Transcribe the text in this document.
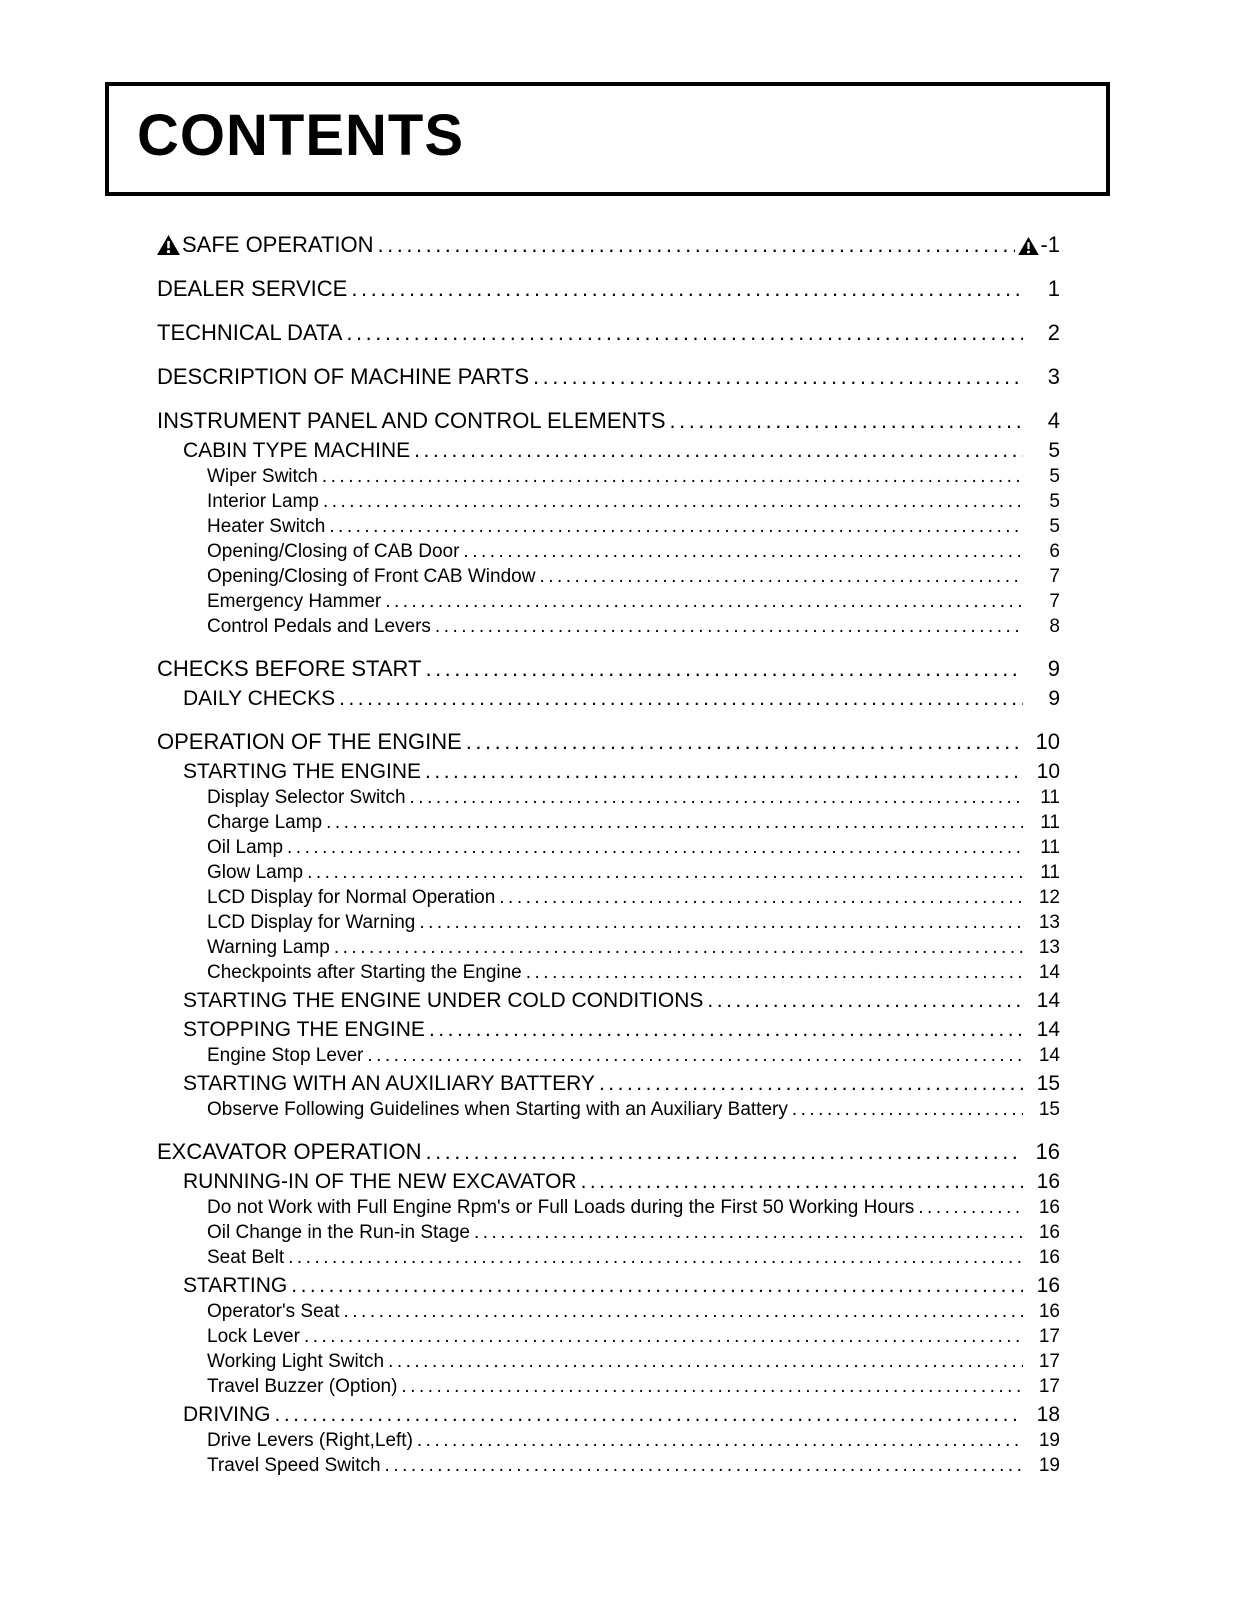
CONTENTS
SAFE OPERATION .....	-1
DEALER SERVICE .....	1
TECHNICAL DATA .....	2
DESCRIPTION OF MACHINE PARTS .....	3
INSTRUMENT PANEL AND CONTROL ELEMENTS .....	4
CABIN TYPE MACHINE .....	5
Wiper Switch .....	5
Interior Lamp .....	5
Heater Switch .....	5
Opening/Closing of CAB Door .....	6
Opening/Closing of Front CAB Window .....	7
Emergency Hammer .....	7
Control Pedals and Levers .....	8
CHECKS BEFORE START .....	9
DAILY CHECKS .....	9
OPERATION OF THE ENGINE .....	10
STARTING THE ENGINE .....	10
Display Selector Switch .....	11
Charge Lamp .....	11
Oil Lamp .....	11
Glow Lamp .....	11
LCD Display for Normal Operation .....	12
LCD Display for Warning .....	13
Warning Lamp .....	13
Checkpoints after Starting the Engine .....	14
STARTING THE ENGINE UNDER COLD CONDITIONS .....	14
STOPPING THE ENGINE .....	14
Engine Stop Lever .....	14
STARTING WITH AN AUXILIARY BATTERY .....	15
Observe Following Guidelines when Starting with an Auxiliary Battery .....	15
EXCAVATOR OPERATION .....	16
RUNNING-IN OF THE NEW EXCAVATOR .....	16
Do not Work with Full Engine Rpm's or Full Loads during the First 50 Working Hours .....	16
Oil Change in the Run-in Stage .....	16
Seat Belt .....	16
STARTING .....	16
Operator's Seat .....	16
Lock Lever .....	17
Working Light Switch .....	17
Travel Buzzer (Option) .....	17
DRIVING .....	18
Drive Levers (Right,Left) .....	19
Travel Speed Switch .....	19
